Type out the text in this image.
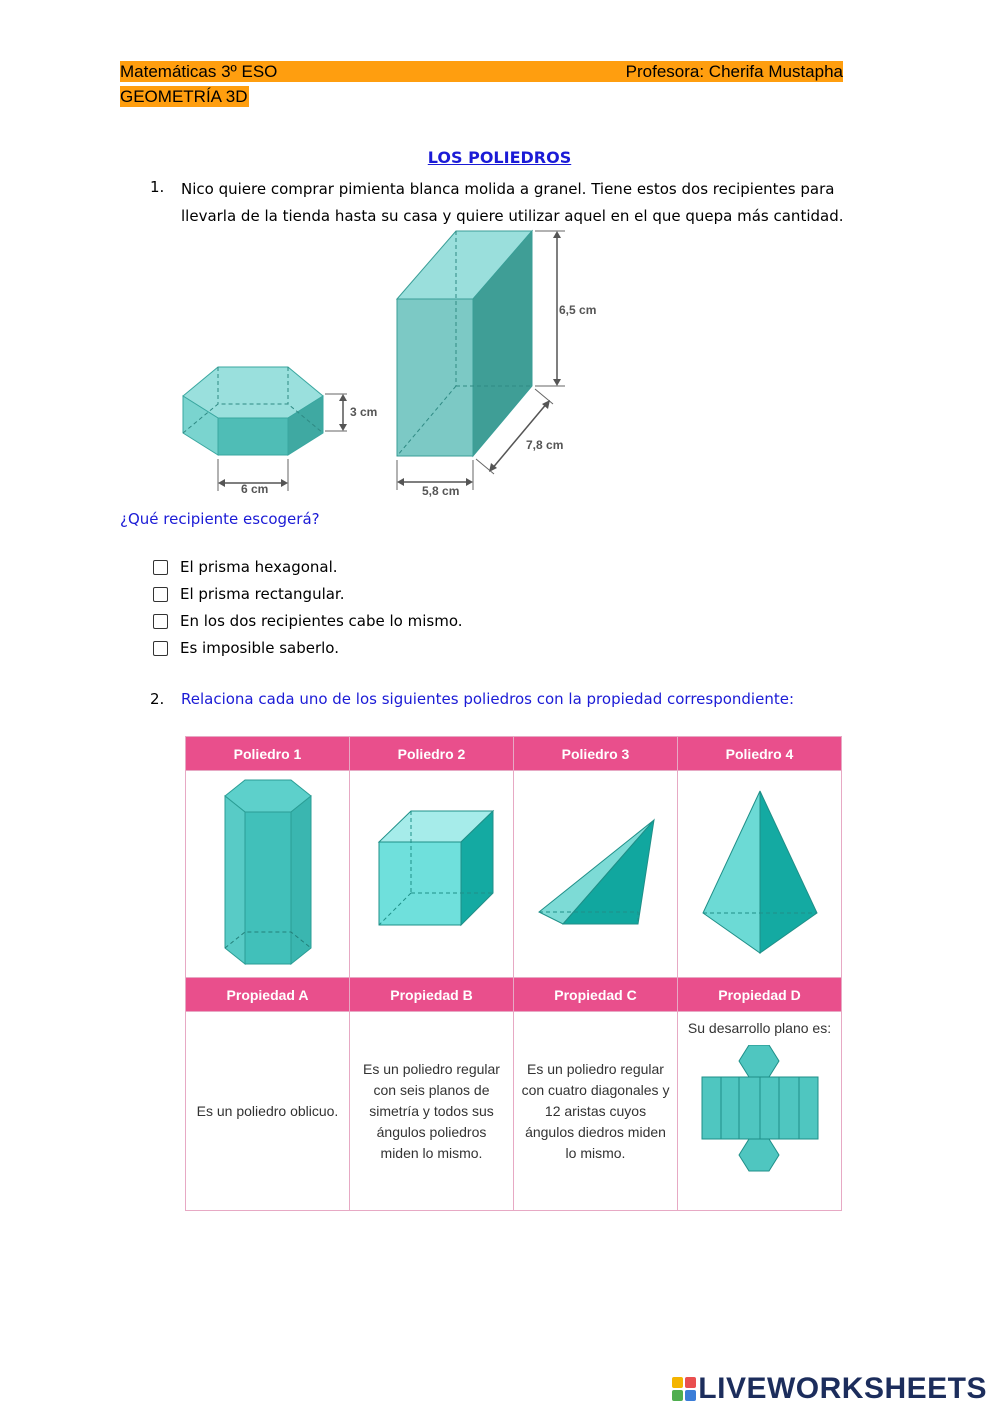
Matemáticas 3º ESO	Profesora: Cherifa Mustapha
GEOMETRÍA 3D
LOS POLIEDROS
1. Nico quiere comprar pimienta blanca molida a granel. Tiene estos dos recipientes para llevarla de la tienda hasta su casa y quiere utilizar aquel en el que quepa más cantidad.
3 cm
6 cm
6,5 cm
7,8 cm
5,8 cm
¿Qué recipiente escogerá?
El prisma hexagonal.
El prisma rectangular.
En los dos recipientes cabe lo mismo.
Es imposible saberlo.
2. Relaciona cada uno de los siguientes poliedros con la propiedad correspondiente:
Poliedro 1	Poliedro 2	Poliedro 3	Poliedro 4

Propiedad A	Propiedad B	Propiedad C	Propiedad D
Es un poliedro oblicuo.	Es un poliedro regular con seis planos de simetría y todos sus ángulos poliedros miden lo mismo.	Es un poliedro regular con cuatro diagonales y 12 aristas cuyos ángulos diedros miden lo mismo.	Su desarrollo plano es:
LIVEWORKSHEETS
